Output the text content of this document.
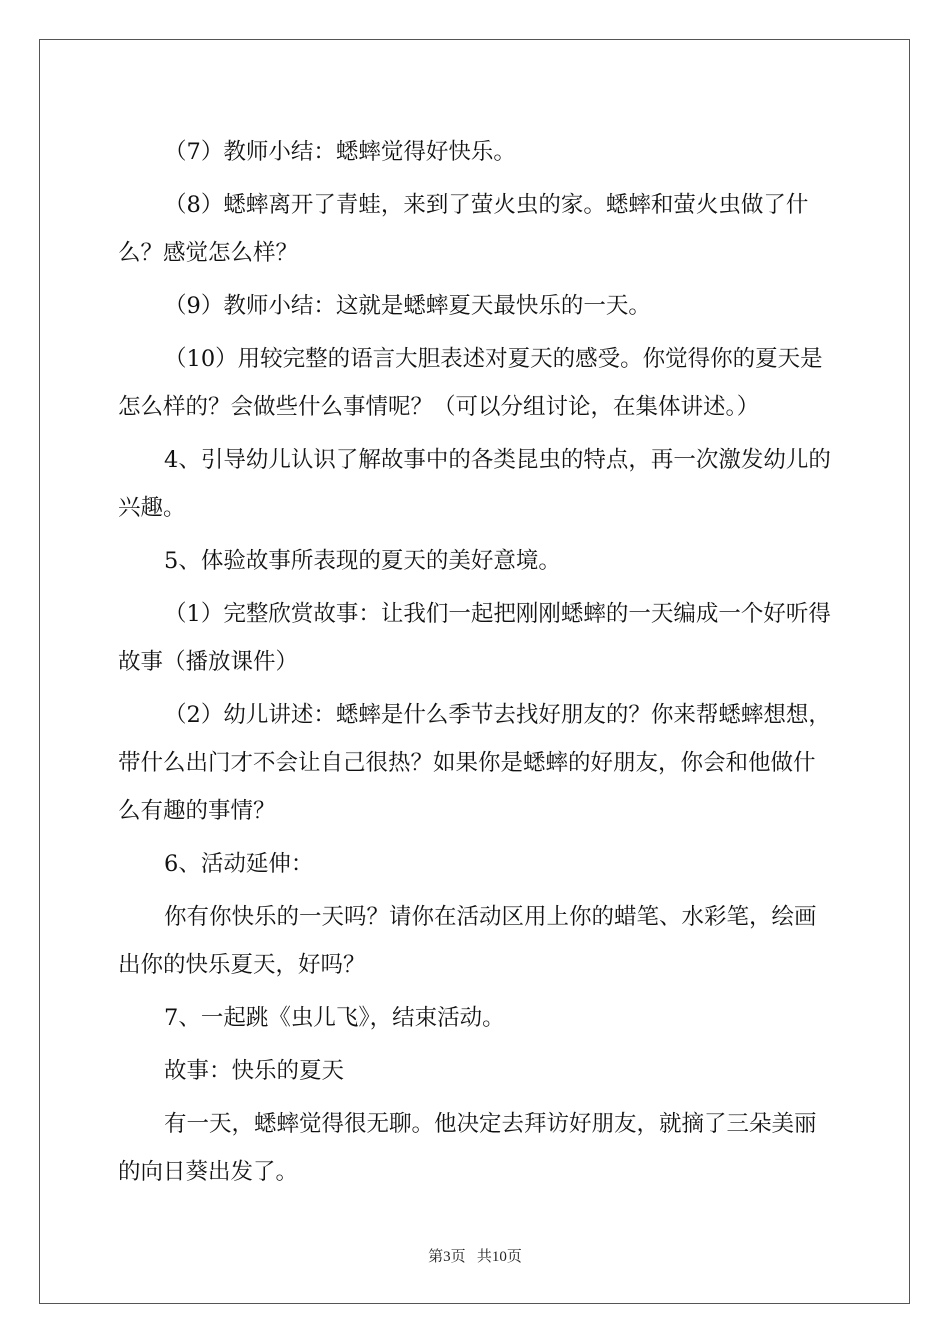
（7）教师小结：蟋蟀觉得好快乐。

（8）蟋蟀离开了青蛙，来到了萤火虫的家。蟋蟀和萤火虫做了什么？感觉怎么样？

（9）教师小结：这就是蟋蟀夏天最快乐的一天。

（10）用较完整的语言大胆表述对夏天的感受。你觉得你的夏天是怎么样的？会做些什么事情呢？（可以分组讨论，在集体讲述。）

4、引导幼儿认识了解故事中的各类昆虫的特点，再一次激发幼儿的兴趣。

5、体验故事所表现的夏天的美好意境。

（1）完整欣赏故事：让我们一起把刚刚蟋蟀的一天编成一个好听得故事（播放课件）

（2）幼儿讲述：蟋蟀是什么季节去找好朋友的？你来帮蟋蟀想想，带什么出门才不会让自己很热？如果你是蟋蟀的好朋友，你会和他做什么有趣的事情？

6、活动延伸：

你有你快乐的一天吗？请你在活动区用上你的蜡笔、水彩笔，绘画出你的快乐夏天，好吗？

7、一起跳《虫儿飞》，结束活动。

故事：快乐的夏天

有一天，蟋蟀觉得很无聊。他决定去拜访好朋友，就摘了三朵美丽的向日葵出发了。

第3页 共10页
